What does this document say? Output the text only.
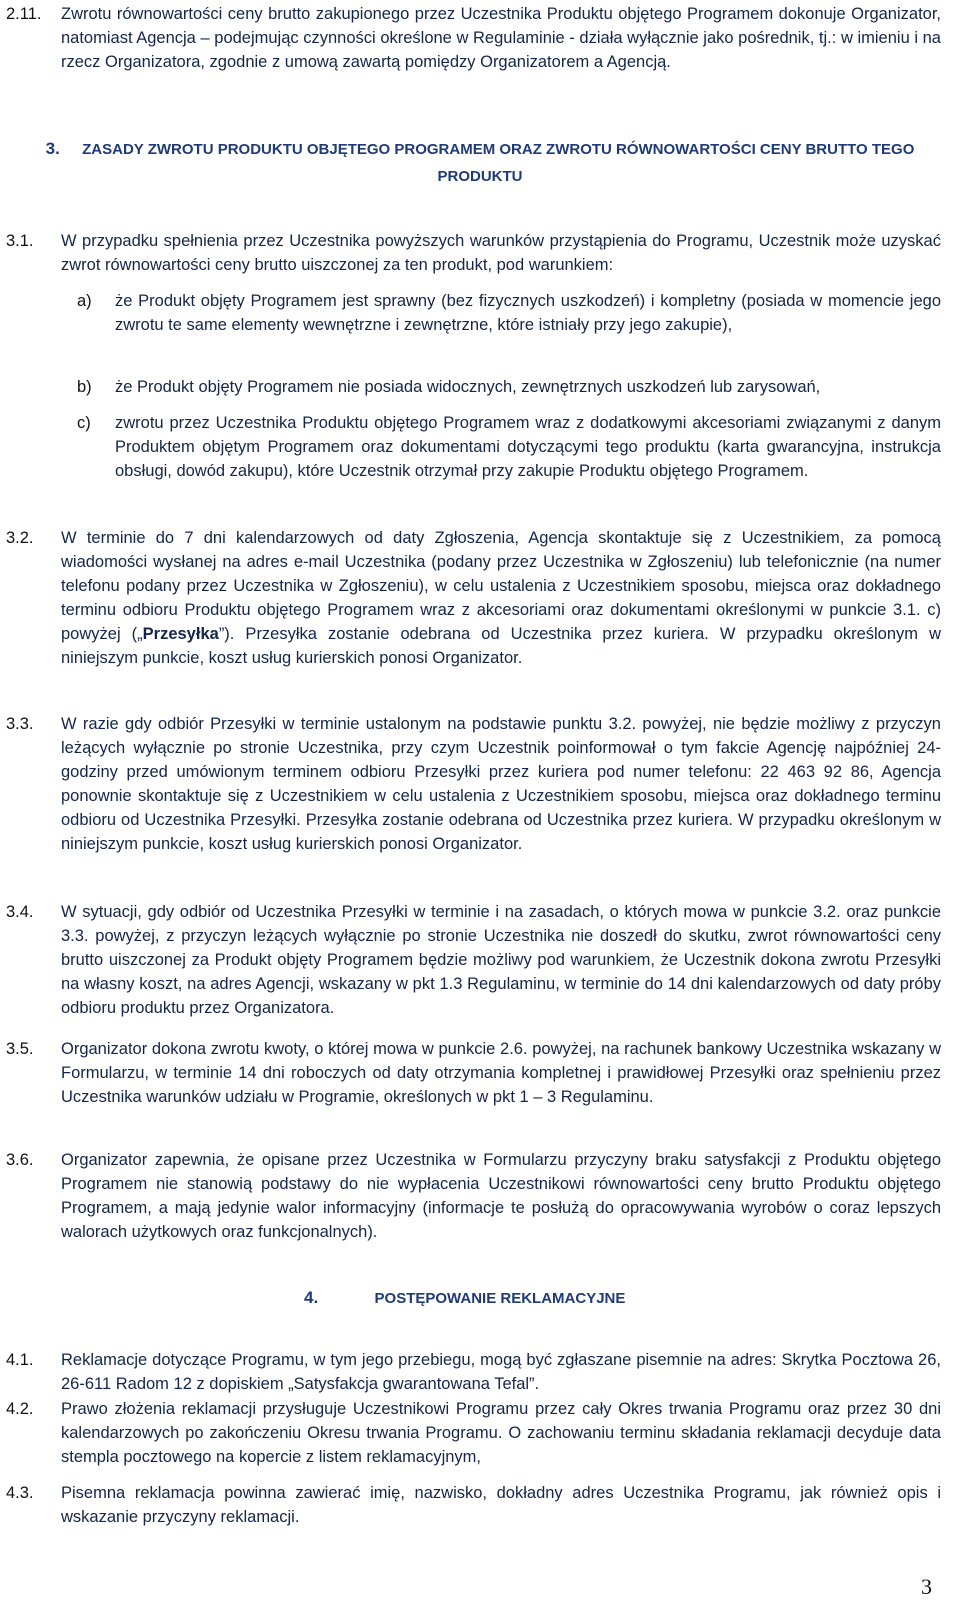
2.11.	Zwrotu równowartości ceny brutto zakupionego przez Uczestnika Produktu objętego Programem dokonuje Organizator, natomiast Agencja – podejmując czynności określone w Regulaminie - działa wyłącznie jako pośrednik, tj.: w imieniu i na rzecz Organizatora, zgodnie z umową zawartą pomiędzy Organizatorem a Agencją.
3. ZASADY ZWROTU PRODUKTU OBJĘTEGO PROGRAMEM ORAZ ZWROTU RÓWNOWARTOŚCI CENY BRUTTO TEGO
PRODUKTU
3.1.	W przypadku spełnienia przez Uczestnika powyższych warunków przystąpienia do Programu, Uczestnik może uzyskać zwrot równowartości ceny brutto uiszczonej za ten produkt, pod warunkiem:
a)	że Produkt objęty Programem jest sprawny (bez fizycznych uszkodzeń) i kompletny (posiada w momencie jego zwrotu te same elementy wewnętrzne i zewnętrzne, które istniały przy jego zakupie),
b)	że Produkt objęty Programem nie posiada widocznych, zewnętrznych uszkodzeń lub zarysowań,
c)	zwrotu przez Uczestnika Produktu objętego Programem wraz z dodatkowymi akcesoriami związanymi z danym Produktem objętym Programem oraz dokumentami dotyczącymi tego produktu (karta gwarancyjna, instrukcja obsługi, dowód zakupu), które Uczestnik otrzymał przy zakupie Produktu objętego Programem.
3.2.	W terminie do 7 dni kalendarzowych od daty Zgłoszenia, Agencja skontaktuje się z Uczestnikiem, za pomocą wiadomości wysłanej na adres e-mail Uczestnika (podany przez Uczestnika w Zgłoszeniu) lub telefonicznie (na numer telefonu podany przez Uczestnika w Zgłoszeniu), w celu ustalenia z Uczestnikiem sposobu, miejsca oraz dokładnego terminu odbioru Produktu objętego Programem wraz z akcesoriami oraz dokumentami określonymi w punkcie 3.1. c) powyżej („Przesyłka”). Przesyłka zostanie odebrana od Uczestnika przez kuriera. W przypadku określonym w niniejszym punkcie, koszt usług kurierskich ponosi Organizator.
3.3.	W razie gdy odbiór Przesyłki w terminie ustalonym na podstawie punktu 3.2. powyżej, nie będzie możliwy z przyczyn leżących wyłącznie po stronie Uczestnika, przy czym Uczestnik poinformował o tym fakcie Agencję najpóźniej 24-godziny przed umówionym terminem odbioru Przesyłki przez kuriera pod numer telefonu: 22 463 92 86, Agencja ponownie skontaktuje się z Uczestnikiem w celu ustalenia z Uczestnikiem sposobu, miejsca oraz dokładnego terminu odbioru od Uczestnika Przesyłki. Przesyłka zostanie odebrana od Uczestnika przez kuriera. W przypadku określonym w niniejszym punkcie, koszt usług kurierskich ponosi Organizator.
3.4.	W sytuacji, gdy odbiór od Uczestnika Przesyłki w terminie i na zasadach, o których mowa w punkcie 3.2. oraz punkcie 3.3. powyżej, z przyczyn leżących wyłącznie po stronie Uczestnika nie doszedł do skutku, zwrot równowartości ceny brutto uiszczonej za Produkt objęty Programem będzie możliwy pod warunkiem, że Uczestnik dokona zwrotu Przesyłki na własny koszt, na adres Agencji, wskazany w pkt 1.3 Regulaminu, w terminie do 14 dni kalendarzowych od daty próby odbioru produktu przez Organizatora.
3.5.	Organizator dokona zwrotu kwoty, o której mowa w punkcie 2.6. powyżej, na rachunek bankowy Uczestnika wskazany w Formularzu, w terminie 14 dni roboczych od daty otrzymania kompletnej i prawidłowej Przesyłki oraz spełnieniu przez Uczestnika warunków udziału w Programie, określonych w pkt 1 – 3 Regulaminu.
3.6.	Organizator zapewnia, że opisane przez Uczestnika w Formularzu przyczyny braku satysfakcji z Produktu objętego Programem nie stanowią podstawy do nie wypłacenia Uczestnikowi równowartości ceny brutto Produktu objętego Programem, a mają jedynie walor informacyjny (informacje te posłużą do opracowywania wyrobów o coraz lepszych walorach użytkowych oraz funkcjonalnych).
4.	POSTĘPOWANIE REKLAMACYJNE
4.1.	Reklamacje dotyczące Programu, w tym jego przebiegu, mogą być zgłaszane pisemnie na adres: Skrytka Pocztowa 26, 26-611 Radom 12 z dopiskiem „Satysfakcja gwarantowana Tefal”.
4.2.	Prawo złożenia reklamacji przysługuje Uczestnikowi Programu przez cały Okres trwania Programu oraz przez 30 dni kalendarzowych po zakończeniu Okresu trwania Programu. O zachowaniu terminu składania reklamacji decyduje data stempla pocztowego na kopercie z listem reklamacyjnym,
4.3.	Pisemna reklamacja powinna zawierać imię, nazwisko, dokładny adres Uczestnika Programu, jak również opis i wskazanie przyczyny reklamacji.
3
